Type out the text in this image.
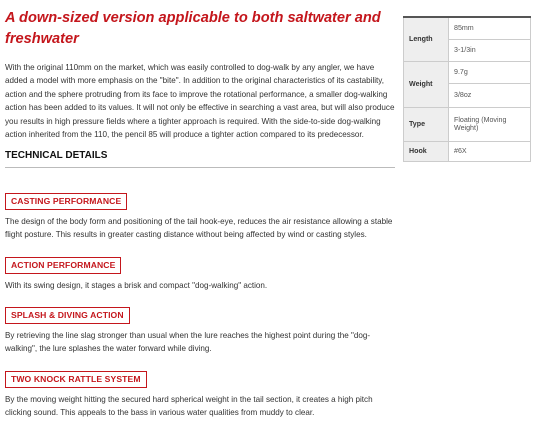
A down-sized version applicable to both saltwater and freshwater

With the original 110mm on the market, which was easily controlled to dog-walk by any angler, we have added a model with more emphasis on the "bite". In addition to the original characteristics of its castability, action and the sphere protruding from its face to improve the rotational performance, a smaller dog-walking action has been added to its values. It will not only be effective in searching a vast area, but will also produce you results in high pressure fields where a tighter approach is required. With the side-to-side dog-walking action inherited from the 110, the pencil 85 will produce a tighter action compared to its predecessor.

TECHNICAL DETAILS
CASTING PERFORMANCE

The design of the body form and positioning of the tail hook-eye, reduces the air resistance allowing a stable flight posture. This results in greater casting distance without being affected by wind or casting styles.

ACTION PERFORMANCE

With its swing design, it stages a brisk and compact "dog-walking" action.

SPLASH & DIVING ACTION

By retrieving the line slag stronger than usual when the lure reaches the highest point during the "dog-walking", the lure splashes the water forward while diving.

TWO KNOCK RATTLE SYSTEM

By the moving weight hitting the secured hard spherical weight in the tail section, it creates a high pitch clicking sound. This appeals to the bass in various water qualities from muddy to clear.

Length	85mm
	3-1/3in
Weight	9.7g
	3/8oz
Type	Floating (Moving Weight)
Hook	#6X
